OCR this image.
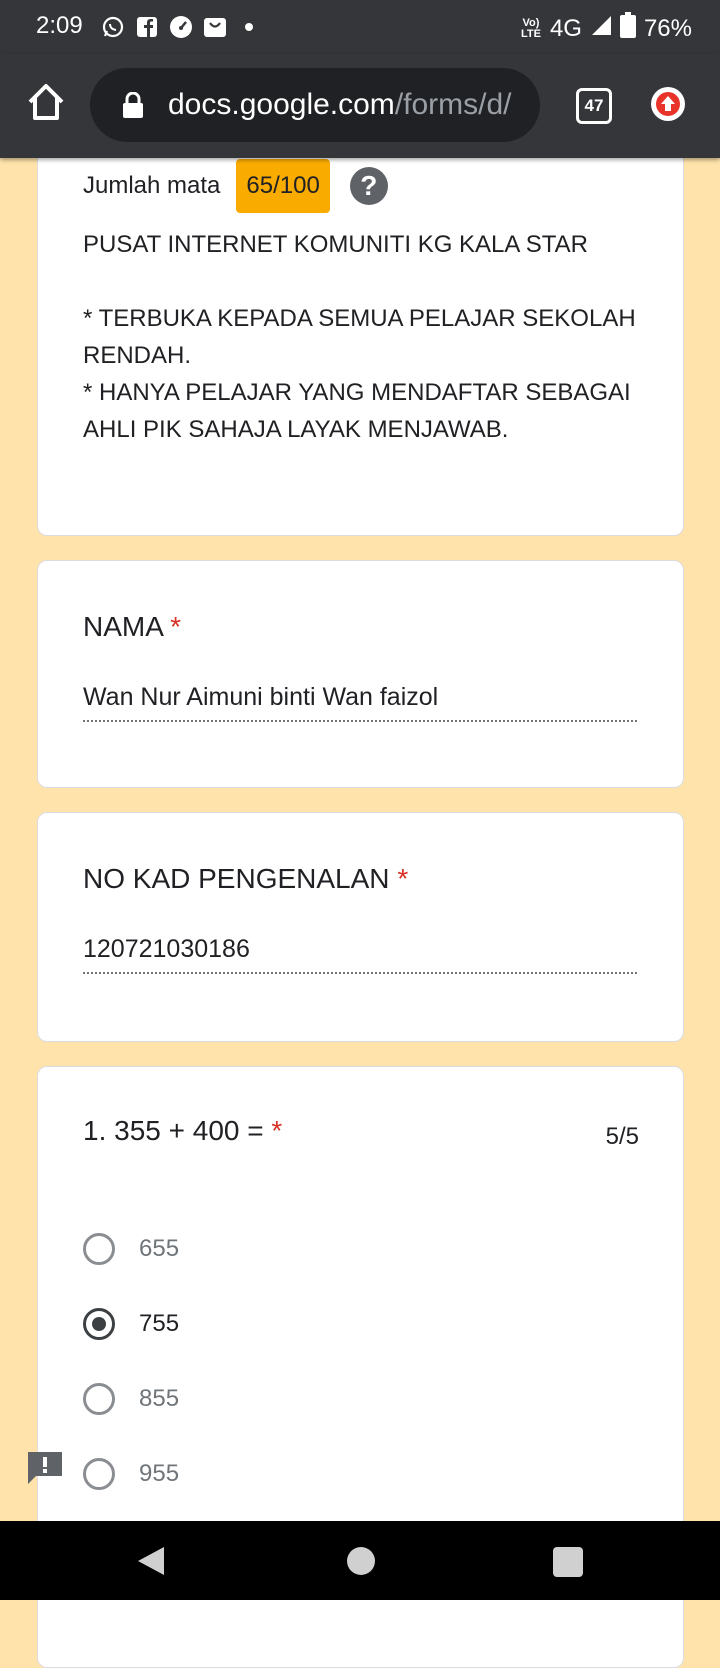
2:09	Vo) LTE 4G	76%
docs.google.com/forms/d/	47
Jumlah mata	65/100	?

PUSAT INTERNET KOMUNITI KG KALA STAR

* TERBUKA KEPADA SEMUA PELAJAR SEKOLAH RENDAH.

* HANYA PELAJAR YANG MENDAFTAR SEBAGAI AHLI PIK SAHAJA LAYAK MENJAWAB.

NAMA *
Wan Nur Aimuni binti Wan faizol
NO KAD PENGENALAN *
120721030186
1. 355 + 400 = *	5/5
655
755
855
955
